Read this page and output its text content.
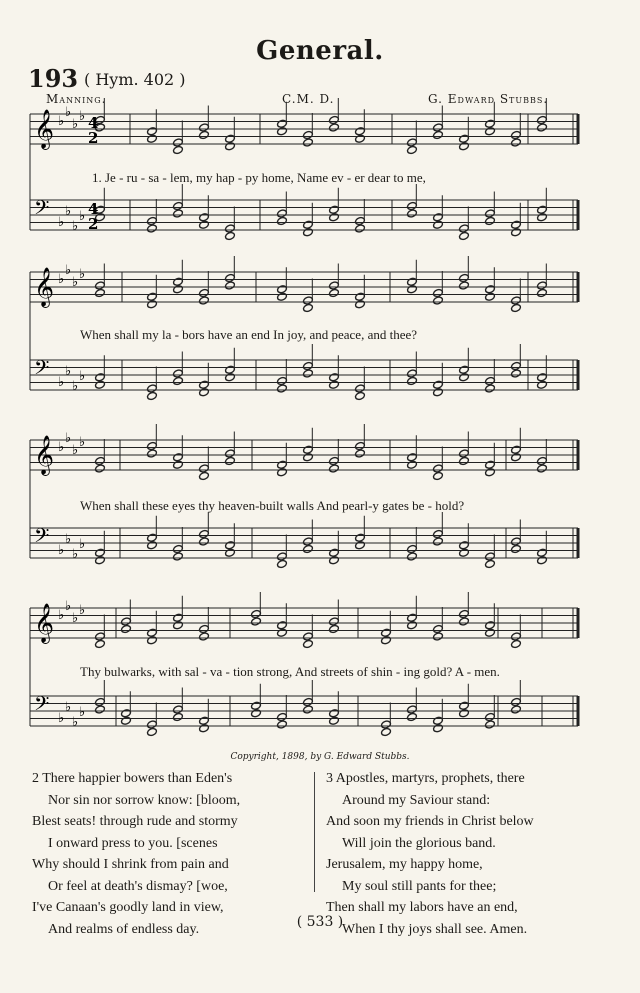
General.
193 ( Hym. 402 )
Manning.	C.M. D.	G. Edward Stubbs.
𝄞 ♭
♭
♭
♭
𝄢 ♭
♭
♭
♭
𝄞 ♭
♭
♭
♭
𝄢 ♭
♭
♭
♭
𝄞 ♭
♭
♭
♭
𝄢 ♭
♭
♭
♭
𝄞 ♭
♭
♭
♭
𝄢 ♭
♭
♭
♭
4
2
4
2
1. Je - ru - sa - lem, my hap - py home, Name ev - er dear to me,
When shall my la - bors have an end In joy, and peace, and thee?
When shall these eyes thy heaven-built walls And pearl-y gates be - hold?
Thy bulwarks, with sal - va - tion strong, And streets of shin - ing gold? A - men.
Copyright, 1898, by G. Edward Stubbs.
2 There happier bowers than Eden's
Nor sin nor sorrow know: [bloom,
Blest seats! through rude and stormy
I onward press to you. [scenes
Why should I shrink from pain and
Or feel at death's dismay? [woe,
I've Canaan's goodly land in view,
And realms of endless day.
3 Apostles, martyrs, prophets, there
Around my Saviour stand:
And soon my friends in Christ below
Will join the glorious band.
Jerusalem, my happy home,
My soul still pants for thee;
Then shall my labors have an end,
When I thy joys shall see. Amen.
( 533 )
